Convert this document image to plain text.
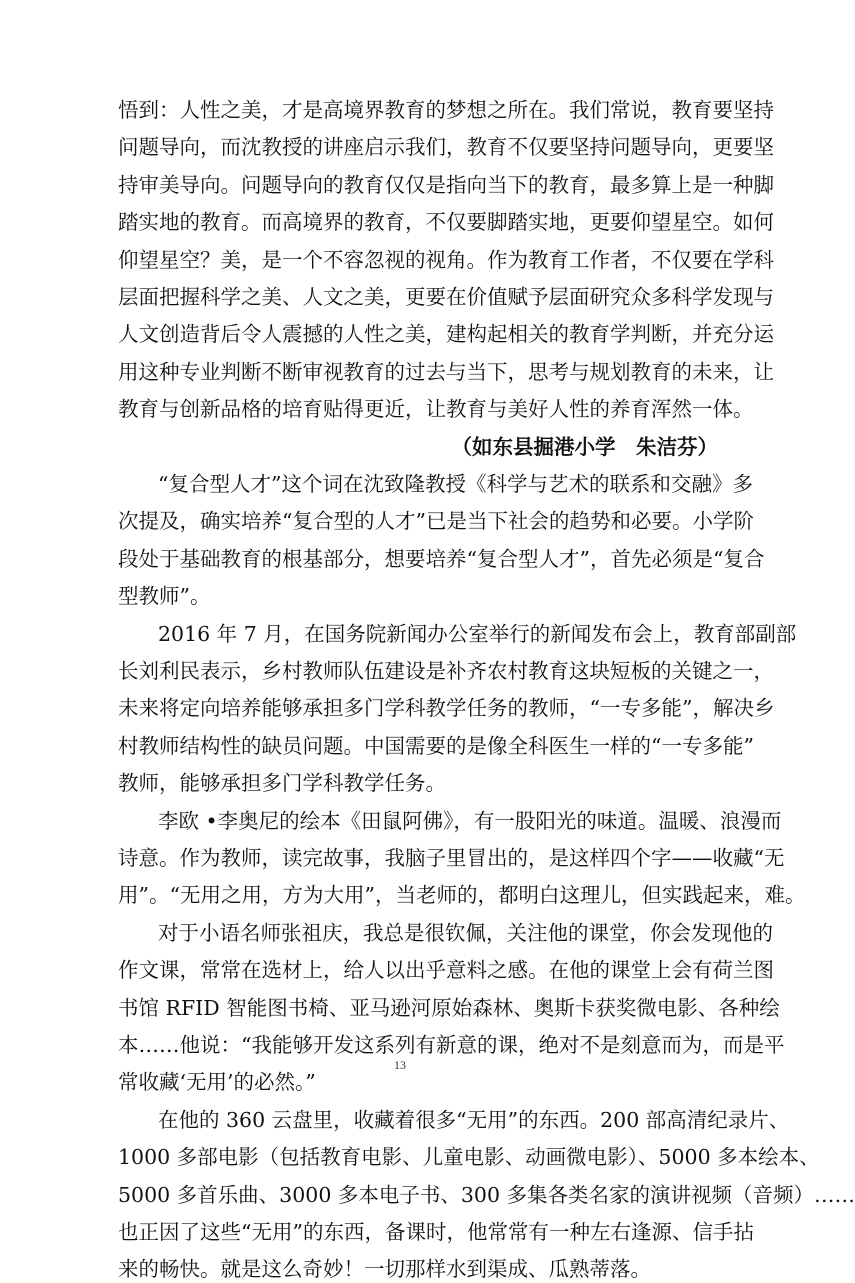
悟到：人性之美，才是高境界教育的梦想之所在。我们常说，教育要坚持
问题导向，而沈教授的讲座启示我们，教育不仅要坚持问题导向，更要坚
持审美导向。问题导向的教育仅仅是指向当下的教育，最多算上是一种脚
踏实地的教育。而高境界的教育，不仅要脚踏实地，更要仰望星空。如何
仰望星空？美，是一个不容忽视的视角。作为教育工作者，不仅要在学科
层面把握科学之美、人文之美，更要在价值赋予层面研究众多科学发现与
人文创造背后令人震撼的人性之美，建构起相关的教育学判断，并充分运
用这种专业判断不断审视教育的过去与当下，思考与规划教育的未来，让
教育与创新品格的培育贴得更近，让教育与美好人性的养育浑然一体。
（如东县掘港小学　朱洁芬）
“复合型人才”这个词在沈致隆教授《科学与艺术的联系和交融》多
次提及，确实培养“复合型的人才”已是当下社会的趋势和必要。小学阶
段处于基础教育的根基部分，想要培养“复合型人才”，首先必须是“复合
型教师”。
2016 年 7 月，在国务院新闻办公室举行的新闻发布会上，教育部副部
长刘利民表示，乡村教师队伍建设是补齐农村教育这块短板的关键之一，
未来将定向培养能够承担多门学科教学任务的教师，“一专多能”，解决乡
村教师结构性的缺员问题。中国需要的是像全科医生一样的“一专多能”
教师，能够承担多门学科教学任务。
李欧 •李奥尼的绘本《田鼠阿佛》，有一股阳光的味道。温暖、浪漫而
诗意。作为教师，读完故事，我脑子里冒出的，是这样四个字——收藏“无
用”。“无用之用，方为大用”，当老师的，都明白这理儿，但实践起来，难。
对于小语名师张祖庆，我总是很钦佩，关注他的课堂，你会发现他的
作文课，常常在选材上，给人以出乎意料之感。在他的课堂上会有荷兰图
书馆 RFID 智能图书椅、亚马逊河原始森林、奥斯卡获奖微电影、各种绘
本……他说：“我能够开发这系列有新意的课，绝对不是刻意而为，而是平
常收藏‘无用’的必然。”
在他的 360 云盘里，收藏着很多“无用”的东西。200 部高清纪录片、
1000 多部电影（包括教育电影、儿童电影、动画微电影）、5000 多本绘本、
5000 多首乐曲、3000 多本电子书、300 多集各类名家的演讲视频（音频）……
也正因了这些“无用”的东西，备课时，他常常有一种左右逢源、信手拈
来的畅快。就是这么奇妙！一切那样水到渠成、瓜熟蒂落。
13
